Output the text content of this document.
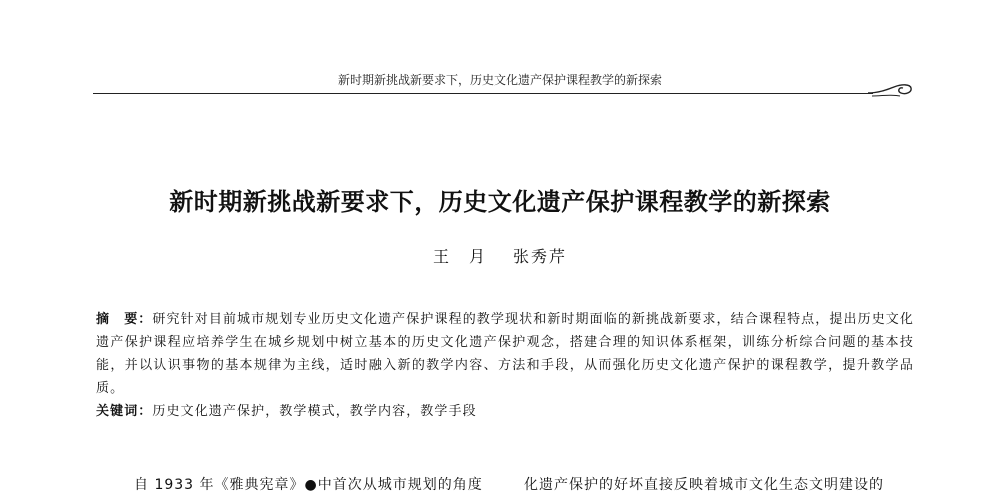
新时期新挑战新要求下，历史文化遗产保护课程教学的新探索
新时期新挑战新要求下，历史文化遗产保护课程教学的新探索
王　月 张秀芹
摘　要：研究针对目前城市规划专业历史文化遗产保护课程的教学现状和新时期面临的新挑战新要求，结合课程特点，提出历史文化遗产保护课程应培养学生在城乡规划中树立基本的历史文化遗产保护观念，搭建合理的知识体系框架，训练分析综合问题的基本技能，并以认识事物的基本规律为主线，适时融入新的教学内容、方法和手段，从而强化历史文化遗产保护的课程教学，提升教学品质。
关键词：历史文化遗产保护，教学模式，教学内容，教学手段
自 1933 年《雅典宪章》●中首次从城市规划的角度	化遗产保护的好坏直接反映着城市文化生态文明建设的
